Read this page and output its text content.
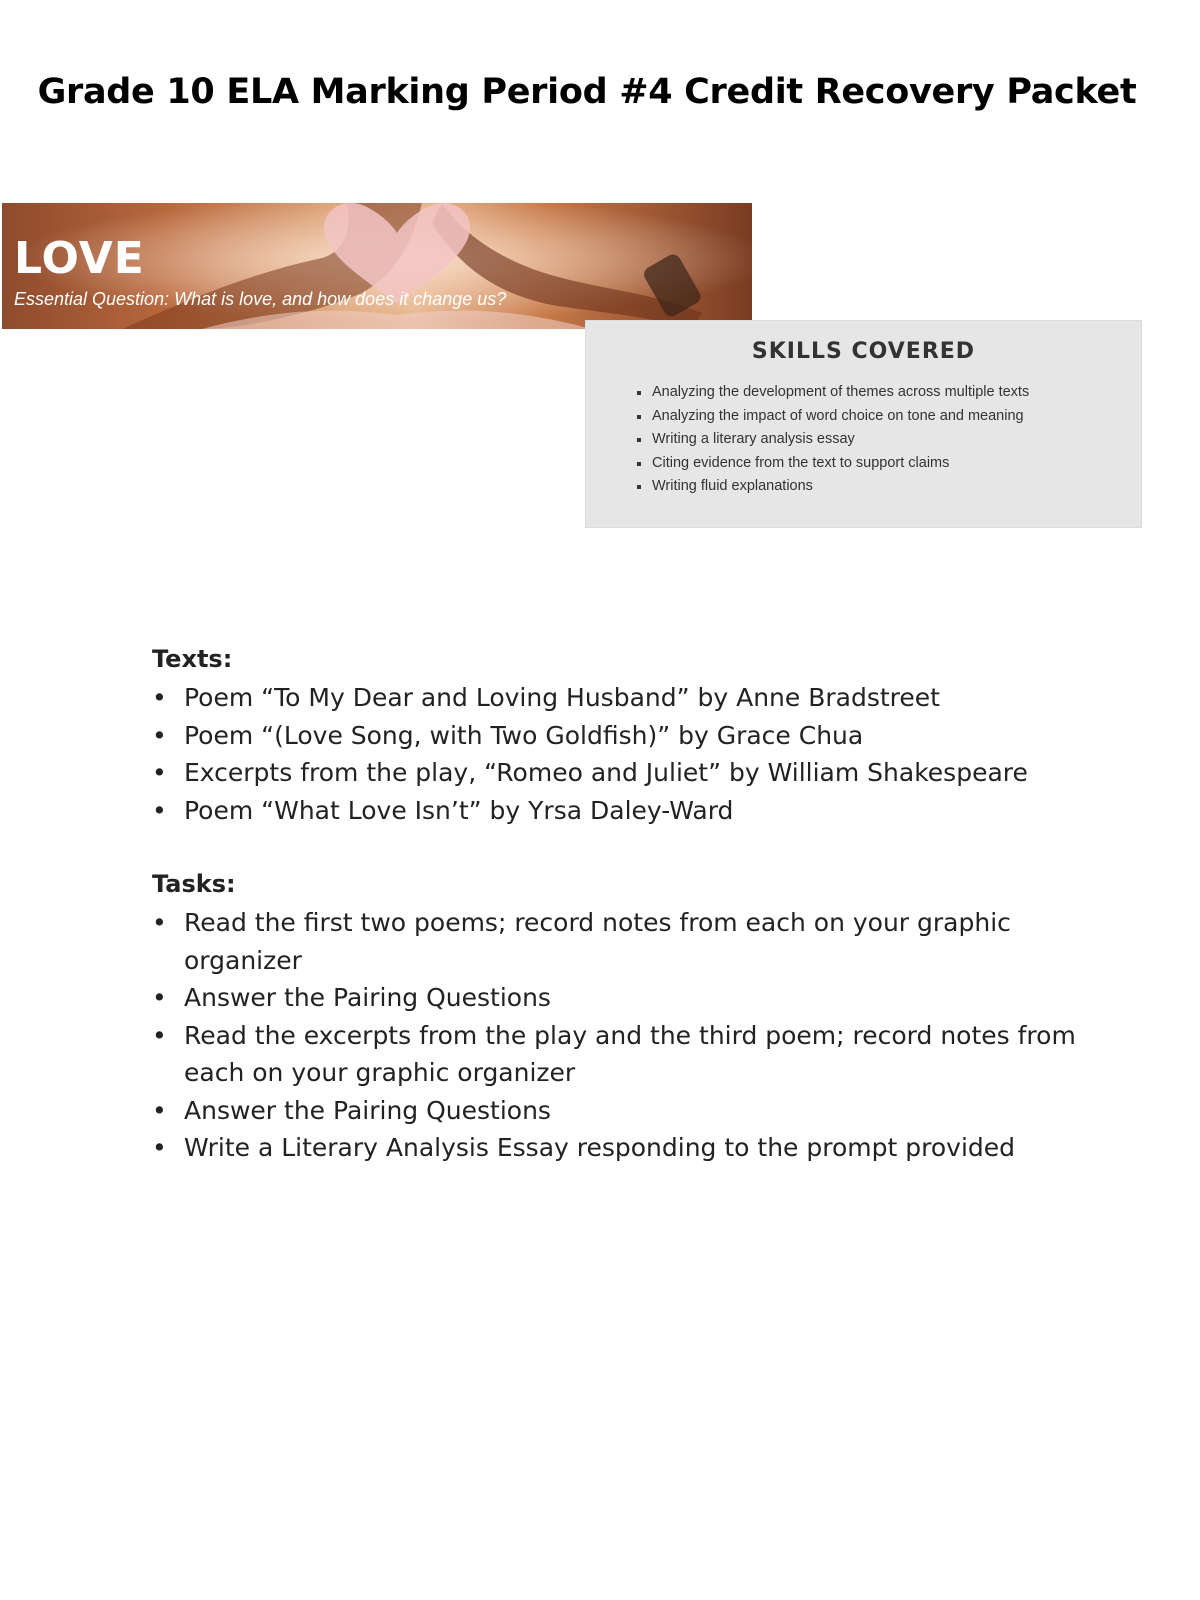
Grade 10 ELA Marking Period #4 Credit Recovery Packet
LOVE
Essential Question: What is love, and how does it change us?
SKILLS COVERED
Analyzing the development of themes across multiple texts
Analyzing the impact of word choice on tone and meaning
Writing a literary analysis essay
Citing evidence from the text to support claims
Writing fluid explanations
Texts:
• Poem “To My Dear and Loving Husband” by Anne Bradstreet
• Poem “(Love Song, with Two Goldfish)” by Grace Chua
• Excerpts from the play, “Romeo and Juliet” by William Shakespeare
• Poem “What Love Isn’t” by Yrsa Daley-Ward
Tasks:
• Read the first two poems; record notes from each on your graphic organizer
• Answer the Pairing Questions
• Read the excerpts from the play and the third poem; record notes from each on your graphic organizer
• Answer the Pairing Questions
• Write a Literary Analysis Essay responding to the prompt provided
